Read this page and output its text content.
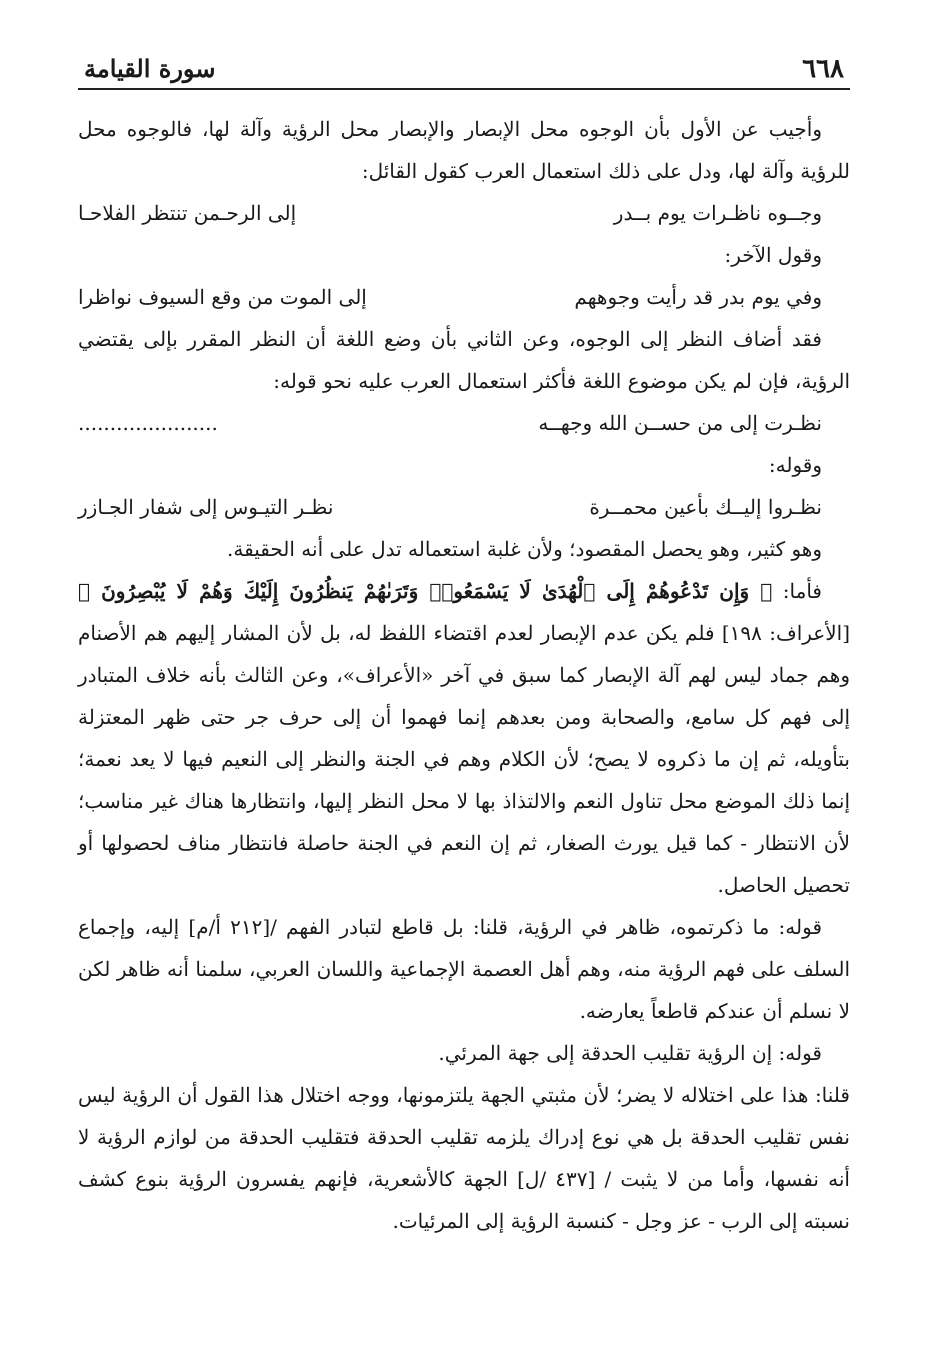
٦٦٨
سورة القيامة

وأجيب عن الأول بأن الوجوه محل الإبصار والإبصار محل الرؤية وآلة لها، فالوجوه محل للرؤية وآلة لها، ودل على ذلك استعمال العرب كقول القائل:

وجــوه ناظـرات يوم بــدر
إلى الرحـمن تنتظر الفلاحـا

وقول الآخر:

وفي يوم بدر قد رأيت وجوههم
إلى الموت من وقع السيوف نواظرا

فقد أضاف النظر إلى الوجوه، وعن الثاني بأن وضع اللغة أن النظر المقرر بإلى يقتضي الرؤية، فإن لم يكن موضوع اللغة فأكثر استعمال العرب عليه نحو قوله:

نظـرت إلى من حســن الله وجهــه
......................

وقوله:

نظـروا إليــك بأعين محمــرة
نظـر التيـوس إلى شفار الجـازر

وهو كثير، وهو يحصل المقصود؛ ولأن غلبة استعماله تدل على أنه الحقيقة.

فأما: ﴿ وَإِن تَدْعُوهُمْ إِلَى ٱلْهُدَىٰ لَا يَسْمَعُوا۟ وَتَرَىٰهُمْ يَنظُرُونَ إِلَيْكَ وَهُمْ لَا يُبْصِرُونَ ﴾ [الأعراف: ١٩٨] فلم يكن عدم الإبصار لعدم اقتضاء اللفظ له، بل لأن المشار إليهم هم الأصنام وهم جماد ليس لهم آلة الإبصار كما سبق في آخر «الأعراف»، وعن الثالث بأنه خلاف المتبادر إلى فهم كل سامع، والصحابة ومن بعدهم إنما فهموا أن إلى حرف جر حتى ظهر المعتزلة بتأويله، ثم إن ما ذكروه لا يصح؛ لأن الكلام وهم في الجنة والنظر إلى النعيم فيها لا يعد نعمة؛ إنما ذلك الموضع محل تناول النعم والالتذاذ بها لا محل النظر إليها، وانتظارها هناك غير مناسب؛ لأن الانتظار - كما قيل يورث الصغار، ثم إن النعم في الجنة حاصلة فانتظار مناف لحصولها أو تحصيل الحاصل.

قوله: ما ذكرتموه، ظاهر في الرؤية، قلنا: بل قاطع لتبادر الفهم /[٢١٢ أ/م] إليه، وإجماع السلف على فهم الرؤية منه، وهم أهل العصمة الإجماعية واللسان العربي، سلمنا أنه ظاهر لكن لا نسلم أن عندكم قاطعاً يعارضه.

قوله: إن الرؤية تقليب الحدقة إلى جهة المرئي.

قلنا: هذا على اختلاله لا يضر؛ لأن مثبتي الجهة يلتزمونها، ووجه اختلال هذا القول أن الرؤية ليس نفس تقليب الحدقة بل هي نوع إدراك يلزمه تقليب الحدقة فتقليب الحدقة من لوازم الرؤية لا أنه نفسها، وأما من لا يثبت / [٤٣٧ /ل] الجهة كالأشعرية، فإنهم يفسرون الرؤية بنوع كشف نسبته إلى الرب - عز وجل - كنسبة الرؤية إلى المرئيات.
